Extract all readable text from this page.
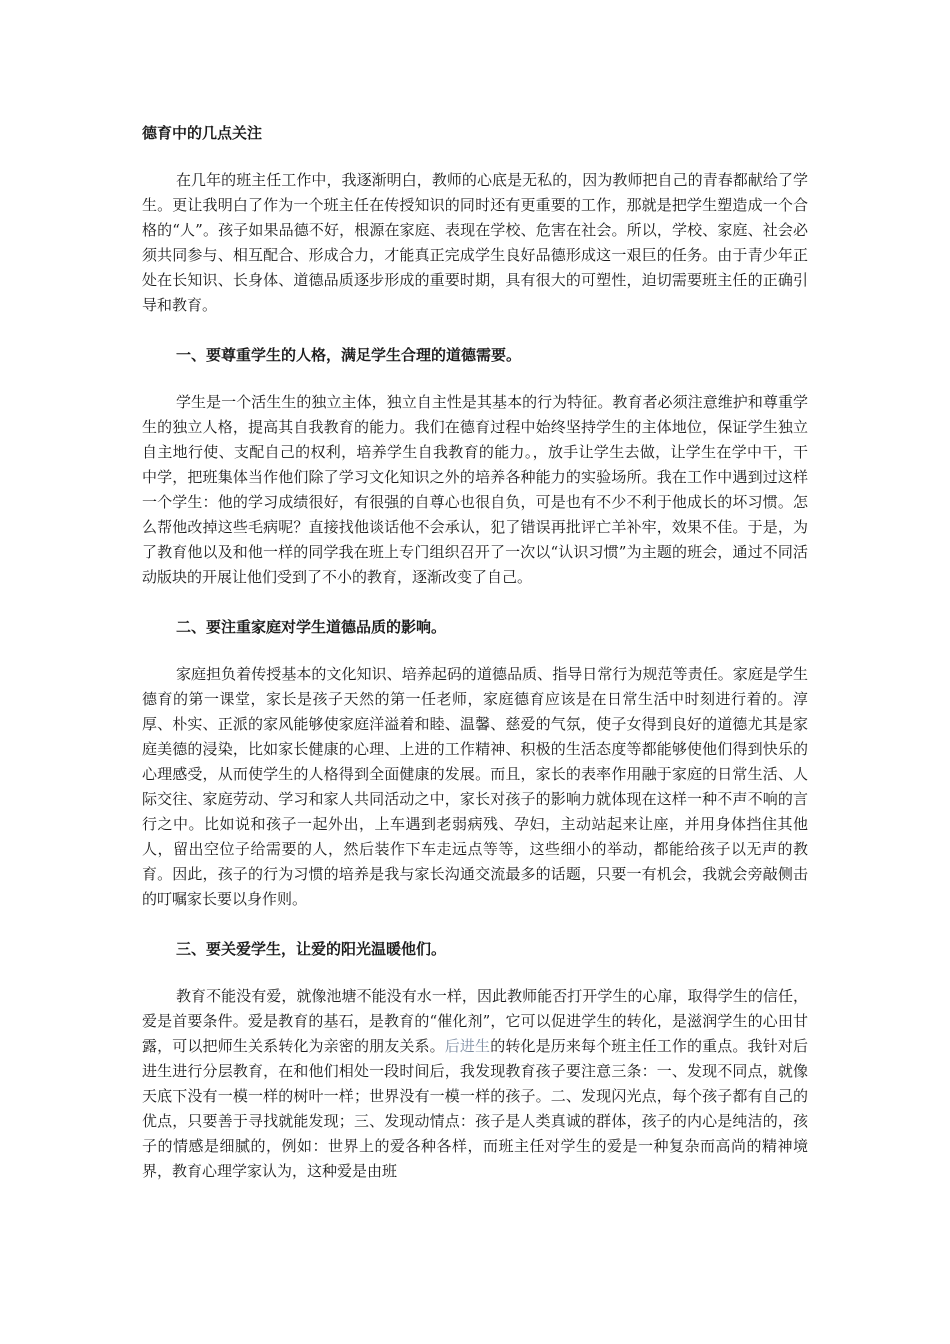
德育中的几点关注

在几年的班主任工作中，我逐渐明白，教师的心底是无私的，因为教师把自己的青春都献给了学生。更让我明白了作为一个班主任在传授知识的同时还有更重要的工作，那就是把学生塑造成一个合格的“人”。孩子如果品德不好，根源在家庭、表现在学校、危害在社会。所以，学校、家庭、社会必须共同参与、相互配合、形成合力，才能真正完成学生良好品德形成这一艰巨的任务。由于青少年正处在长知识、长身体、道德品质逐步形成的重要时期，具有很大的可塑性，迫切需要班主任的正确引导和教育。

一、要尊重学生的人格，满足学生合理的道德需要。

学生是一个活生生的独立主体，独立自主性是其基本的行为特征。教育者必须注意维护和尊重学生的独立人格，提高其自我教育的能力。我们在德育过程中始终坚持学生的主体地位，保证学生独立自主地行使、支配自己的权利，培养学生自我教育的能力。，放手让学生去做，让学生在学中干，干中学，把班集体当作他们除了学习文化知识之外的培养各种能力的实验场所。我在工作中遇到过这样一个学生：他的学习成绩很好，有很强的自尊心也很自负，可是也有不少不利于他成长的坏习惯。怎么帮他改掉这些毛病呢？直接找他谈话他不会承认，犯了错误再批评亡羊补牢，效果不佳。于是，为了教育他以及和他一样的同学我在班上专门组织召开了一次以“认识习惯”为主题的班会，通过不同活动版块的开展让他们受到了不小的教育，逐渐改变了自己。

二、要注重家庭对学生道德品质的影响。

家庭担负着传授基本的文化知识、培养起码的道德品质、指导日常行为规范等责任。家庭是学生德育的第一课堂，家长是孩子天然的第一任老师，家庭德育应该是在日常生活中时刻进行着的。淳厚、朴实、正派的家风能够使家庭洋溢着和睦、温馨、慈爱的气氛，使子女得到良好的道德尤其是家庭美德的浸染，比如家长健康的心理、上进的工作精神、积极的生活态度等都能够使他们得到快乐的心理感受，从而使学生的人格得到全面健康的发展。而且，家长的表率作用融于家庭的日常生活、人际交往、家庭劳动、学习和家人共同活动之中，家长对孩子的影响力就体现在这样一种不声不响的言行之中。比如说和孩子一起外出，上车遇到老弱病残、孕妇，主动站起来让座，并用身体挡住其他人，留出空位子给需要的人，然后装作下车走远点等等，这些细小的举动，都能给孩子以无声的教育。因此，孩子的行为习惯的培养是我与家长沟通交流最多的话题，只要一有机会，我就会旁敲侧击的叮嘱家长要以身作则。

三、要关爱学生，让爱的阳光温暖他们。

教育不能没有爱，就像池塘不能没有水一样，因此教师能否打开学生的心扉，取得学生的信任，爱是首要条件。爱是教育的基石，是教育的“催化剂”，它可以促进学生的转化，是滋润学生的心田甘露，可以把师生关系转化为亲密的朋友关系。后进生的转化是历来每个班主任工作的重点。我针对后进生进行分层教育，在和他们相处一段时间后，我发现教育孩子要注意三条：一、发现不同点，就像天底下没有一模一样的树叶一样；世界没有一模一样的孩子。二、发现闪光点，每个孩子都有自己的优点，只要善于寻找就能发现；三、发现动情点：孩子是人类真诚的群体，孩子的内心是纯洁的，孩子的情感是细腻的，例如：世界上的爱各种各样，而班主任对学生的爱是一种复杂而高尚的精神境界，教育心理学家认为，这种爱是由班
